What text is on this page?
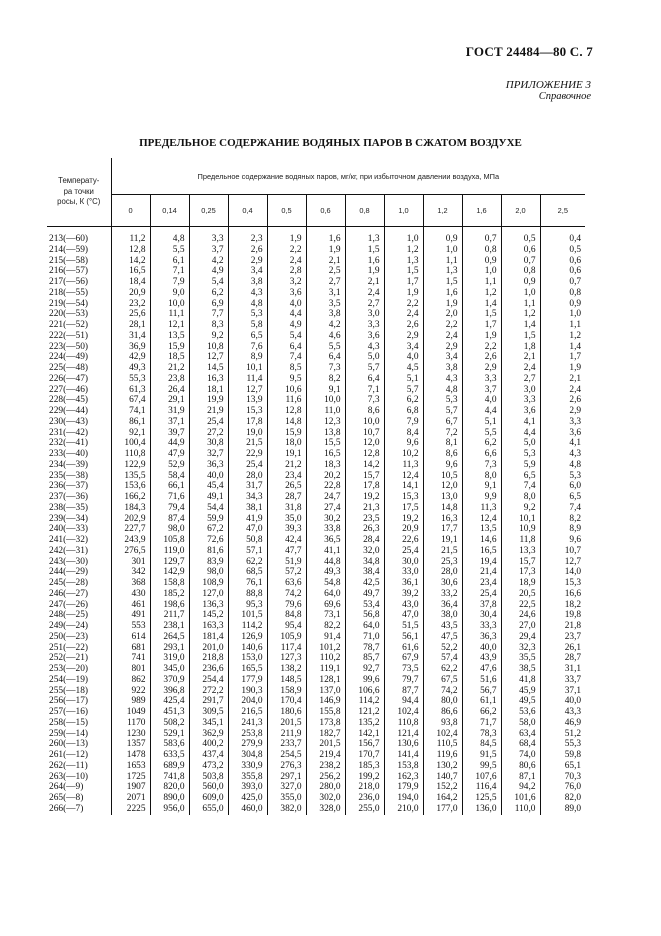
ГОСТ 24484—80 С. 7
ПРИЛОЖЕНИЕ 3
Справочное
ПРЕДЕЛЬНОЕ СОДЕРЖАНИЕ ВОДЯНЫХ ПАРОВ В СЖАТОМ ВОЗДУХЕ
Температу-
ра точки
росы, К (°С)	Предельное содержание водяных паров, мг/кг, при избыточном давлении воздуха, МПа											
	0	0,14	0,25	0,4	0,5	0,6	0,8	1,0	1,2	1,6	2,0	2,5
213(—60)	11,2	4,8	3,3	2,3	1,9	1,6	1,3	1,0	0,9	0,7	0,5	0,4
214(—59)	12,8	5,5	3,7	2,6	2,2	1,9	1,5	1,2	1,0	0,8	0,6	0,5
215(—58)	14,2	6,1	4,2	2,9	2,4	2,1	1,6	1,3	1,1	0,9	0,7	0,6
216(—57)	16,5	7,1	4,9	3,4	2,8	2,5	1,9	1,5	1,3	1,0	0,8	0,6
217(—56)	18,4	7,9	5,4	3,8	3,2	2,7	2,1	1,7	1,5	1,1	0,9	0,7
218(—55)	20,9	9,0	6,2	4,3	3,6	3,1	2,4	1,9	1,6	1,2	1,0	0,8
219(—54)	23,2	10,0	6,9	4,8	4,0	3,5	2,7	2,2	1,9	1,4	1,1	0,9
220(—53)	25,6	11,1	7,7	5,3	4,4	3,8	3,0	2,4	2,0	1,5	1,2	1,0
221(—52)	28,1	12,1	8,3	5,8	4,9	4,2	3,3	2,6	2,2	1,7	1,4	1,1
222(—51)	31,4	13,5	9,2	6,5	5,4	4,6	3,6	2,9	2,4	1,9	1,5	1,2
223(—50)	36,9	15,9	10,8	7,6	6,4	5,5	4,3	3,4	2,9	2,2	1,8	1,4
224(—49)	42,9	18,5	12,7	8,9	7,4	6,4	5,0	4,0	3,4	2,6	2,1	1,7
225(—48)	49,3	21,2	14,5	10,1	8,5	7,3	5,7	4,5	3,8	2,9	2,4	1,9
226(—47)	55,3	23,8	16,3	11,4	9,5	8,2	6,4	5,1	4,3	3,3	2,7	2,1
227(—46)	61,3	26,4	18,1	12,7	10,6	9,1	7,1	5,7	4,8	3,7	3,0	2,4
228(—45)	67,4	29,1	19,9	13,9	11,6	10,0	7,3	6,2	5,3	4,0	3,3	2,6
229(—44)	74,1	31,9	21,9	15,3	12,8	11,0	8,6	6,8	5,7	4,4	3,6	2,9
230(—43)	86,1	37,1	25,4	17,8	14,8	12,3	10,0	7,9	6,7	5,1	4,1	3,3
231(—42)	92,1	39,7	27,2	19,0	15,9	13,8	10,7	8,4	7,2	5,5	4,4	3,6
232(—41)	100,4	44,9	30,8	21,5	18,0	15,5	12,0	9,6	8,1	6,2	5,0	4,1
233(—40)	110,8	47,9	32,7	22,9	19,1	16,5	12,8	10,2	8,6	6,6	5,3	4,3
234(—39)	122,9	52,9	36,3	25,4	21,2	18,3	14,2	11,3	9,6	7,3	5,9	4,8
235(—38)	135,5	58,4	40,0	28,0	23,4	20,2	15,7	12,4	10,5	8,0	6,5	5,3
236(—37)	153,6	66,1	45,4	31,7	26,5	22,8	17,8	14,1	12,0	9,1	7,4	6,0
237(—36)	166,2	71,6	49,1	34,3	28,7	24,7	19,2	15,3	13,0	9,9	8,0	6,5
238(—35)	184,3	79,4	54,4	38,1	31,8	27,4	21,3	17,5	14,8	11,3	9,2	7,4
239(—34)	202,9	87,4	59,9	41,9	35,0	30,2	23,5	19,2	16,3	12,4	10,1	8,2
240(—33)	227,7	98,0	67,2	47,0	39,3	33,8	26,3	20,9	17,7	13,5	10,9	8,9
241(—32)	243,9	105,8	72,6	50,8	42,4	36,5	28,4	22,6	19,1	14,6	11,8	9,6
242(—31)	276,5	119,0	81,6	57,1	47,7	41,1	32,0	25,4	21,5	16,5	13,3	10,7
243(—30)	301	129,7	83,9	62,2	51,9	44,8	34,8	30,0	25,3	19,4	15,7	12,7
244(—29)	342	142,9	98,0	68,5	57,2	49,3	38,4	33,0	28,0	21,4	17,3	14,0
245(—28)	368	158,8	108,9	76,1	63,6	54,8	42,5	36,1	30,6	23,4	18,9	15,3
246(—27)	430	185,2	127,0	88,8	74,2	64,0	49,7	39,2	33,2	25,4	20,5	16,6
247(—26)	461	198,6	136,3	95,3	79,6	69,6	53,4	43,0	36,4	37,8	22,5	18,2
248(—25)	491	211,7	145,2	101,5	84,8	73,1	56,8	47,0	38,0	30,4	24,6	19,8
249(—24)	553	238,1	163,3	114,2	95,4	82,2	64,0	51,5	43,5	33,3	27,0	21,8
250(—23)	614	264,5	181,4	126,9	105,9	91,4	71,0	56,1	47,5	36,3	29,4	23,7
251(—22)	681	293,1	201,0	140,6	117,4	101,2	78,7	61,6	52,2	40,0	32,3	26,1
252(—21)	741	319,0	218,8	153,0	127,3	110,2	85,7	67,9	57,4	43,9	35,5	28,7
253(—20)	801	345,0	236,6	165,5	138,2	119,1	92,7	73,5	62,2	47,6	38,5	31,1
254(—19)	862	370,9	254,4	177,9	148,5	128,1	99,6	79,7	67,5	51,6	41,8	33,7
255(—18)	922	396,8	272,2	190,3	158,9	137,0	106,6	87,7	74,2	56,7	45,9	37,1
256(—17)	989	425,4	291,7	204,0	170,4	146,9	114,2	94,4	80,0	61,1	49,5	40,0
257(—16)	1049	451,3	309,5	216,5	180,6	155,8	121,2	102,4	86,6	66,2	53,6	43,3
258(—15)	1170	508,2	345,1	241,3	201,5	173,8	135,2	110,8	93,8	71,7	58,0	46,9
259(—14)	1230	529,1	362,9	253,8	211,9	182,7	142,1	121,4	102,4	78,3	63,4	51,2
260(—13)	1357	583,6	400,2	279,9	233,7	201,5	156,7	130,6	110,5	84,5	68,4	55,3
261(—12)	1478	633,5	437,4	304,8	254,5	219,4	170,7	141,4	119,6	91,5	74,0	59,8
262(—11)	1653	689,9	473,2	330,9	276,3	238,2	185,3	153,8	130,2	99,5	80,6	65,1
263(—10)	1725	741,8	503,8	355,8	297,1	256,2	199,2	162,3	140,7	107,6	87,1	70,3
264(—9)	1907	820,0	560,0	393,0	327,0	280,0	218,0	179,9	152,2	116,4	94,2	76,0
265(—8)	2071	890,0	609,0	425,0	355,0	302,0	236,0	194,0	164,2	125,5	101,6	82,0
266(—7)	2225	956,0	655,0	460,0	382,0	328,0	255,0	210,0	177,0	136,0	110,0	89,0
